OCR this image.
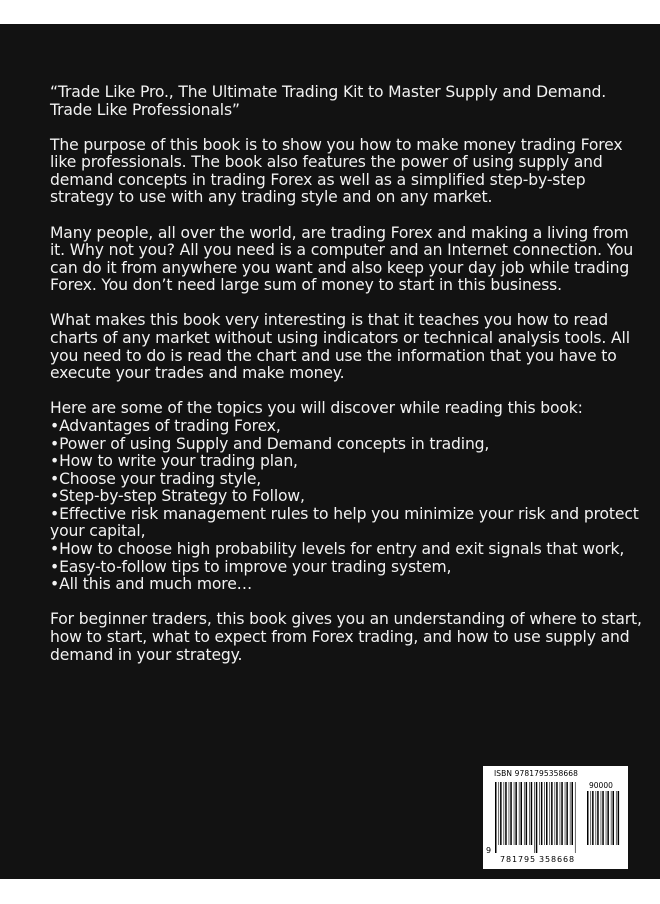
“Trade Like Pro., The Ultimate Trading Kit to Master Supply and Demand. Trade Like Professionals”

The purpose of this book is to show you how to make money trading Forex like professionals. The book also features the power of using supply and demand concepts in trading Forex as well as a simplified step-by-step strategy to use with any trading style and on any market.

Many people, all over the world, are trading Forex and making a living from it. Why not you? All you need is a computer and an Internet connection. You can do it from anywhere you want and also keep your day job while trading Forex. You don’t need large sum of money to start in this business.

What makes this book very interesting is that it teaches you how to read charts of any market without using indicators or technical analysis tools. All you need to do is read the chart and use the information that you have to execute your trades and make money.

Here are some of the topics you will discover while reading this book:
• Advantages of trading Forex,
• Power of using Supply and Demand concepts in trading,
• How to write your trading plan,
• Choose your trading style,
• Step-by-step Strategy to Follow,
• Effective risk management rules to help you minimize your risk and protect your capital,
• How to choose high probability levels for entry and exit signals that work,
• Easy-to-follow tips to improve your trading system,
• All this and much more…

For beginner traders, this book gives you an understanding of where to start, how to start, what to expect from Forex trading, and how to use supply and demand in your strategy.

ISBN 9781795358668
90000
9
781795 358668
